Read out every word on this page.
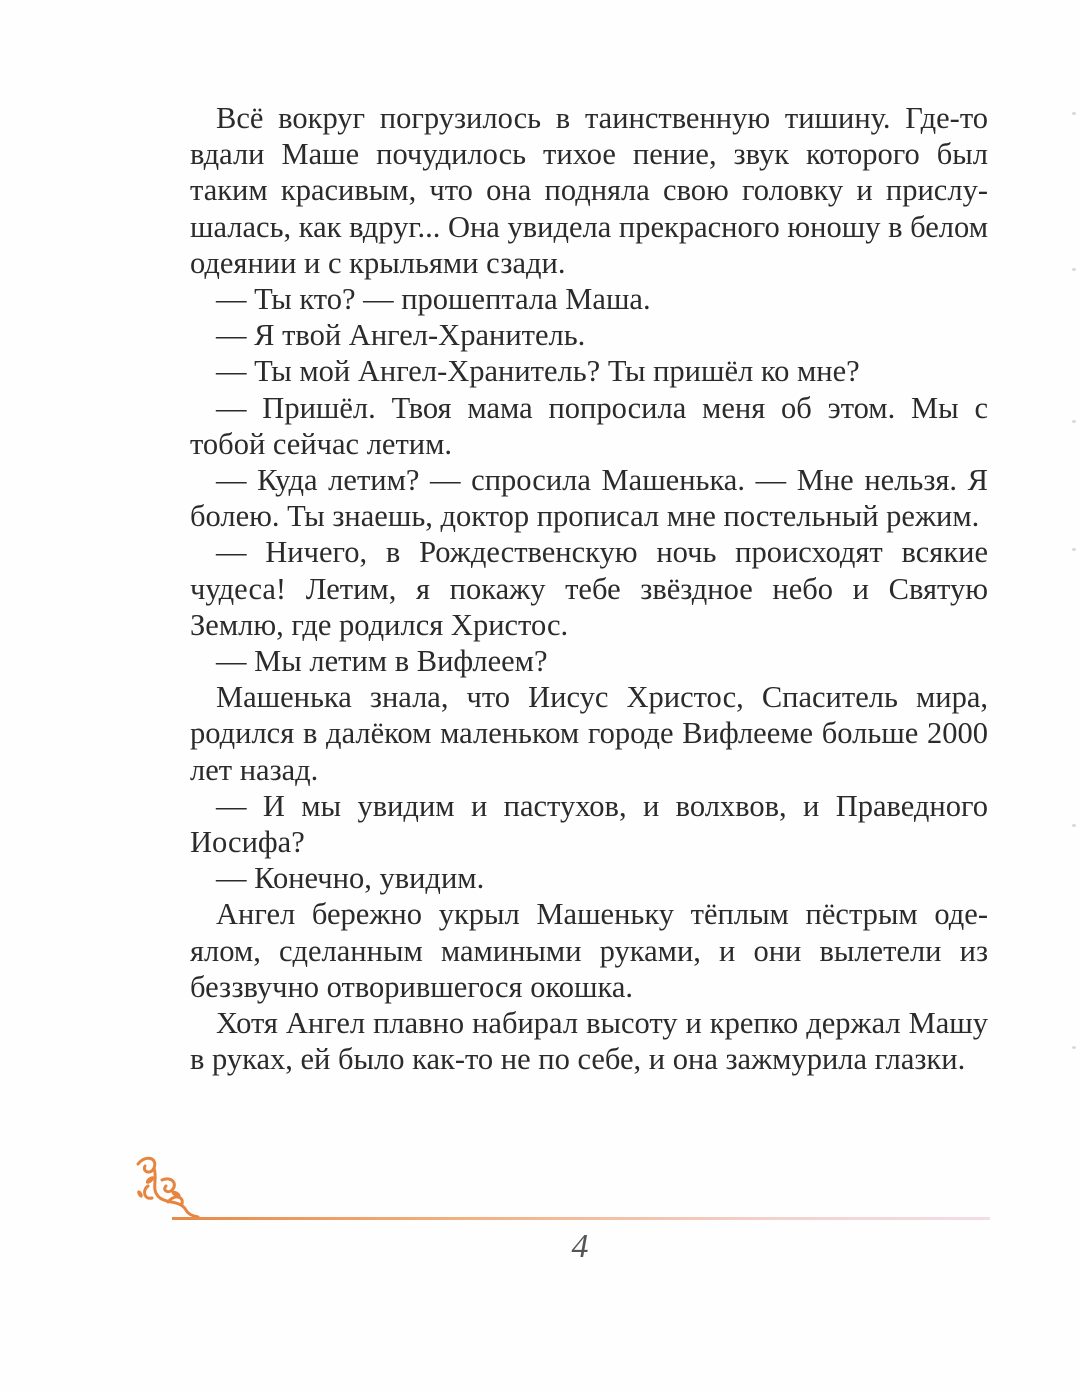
Всё вокруг погрузилось в таинственную тишину. Где-то вдали Маше почудилось тихое пение, звук которого был таким красивым, что она подняла свою головку и прислушалась, как вдруг... Она увидела прекрасного юношу в белом одеянии и с крыльями сзади.

— Ты кто? — прошептала Маша.

— Я твой Ангел-Хранитель.

— Ты мой Ангел-Хранитель? Ты пришёл ко мне?

— Пришёл. Твоя мама попросила меня об этом. Мы с тобой сейчас летим.

— Куда летим? — спросила Машенька. — Мне нельзя. Я болею. Ты знаешь, доктор прописал мне постельный режим.

— Ничего, в Рождественскую ночь происходят всякие чудеса! Летим, я покажу тебе звёздное небо и Святую Землю, где родился Христос.

— Мы летим в Вифлеем?

Машенька знала, что Иисус Христос, Спаситель мира, родился в далёком маленьком городе Вифлееме больше 2000 лет назад.

— И мы увидим и пастухов, и волхвов, и Праведного Иосифа?

— Конечно, увидим.

Ангел бережно укрыл Машеньку тёплым пёстрым одеялом, сделанным мамиными руками, и они вылетели из беззвучно отворившегося окошка.

Хотя Ангел плавно набирал высоту и крепко держал Машу в руках, ей было как-то не по себе, и она зажмурила глазки.

4
